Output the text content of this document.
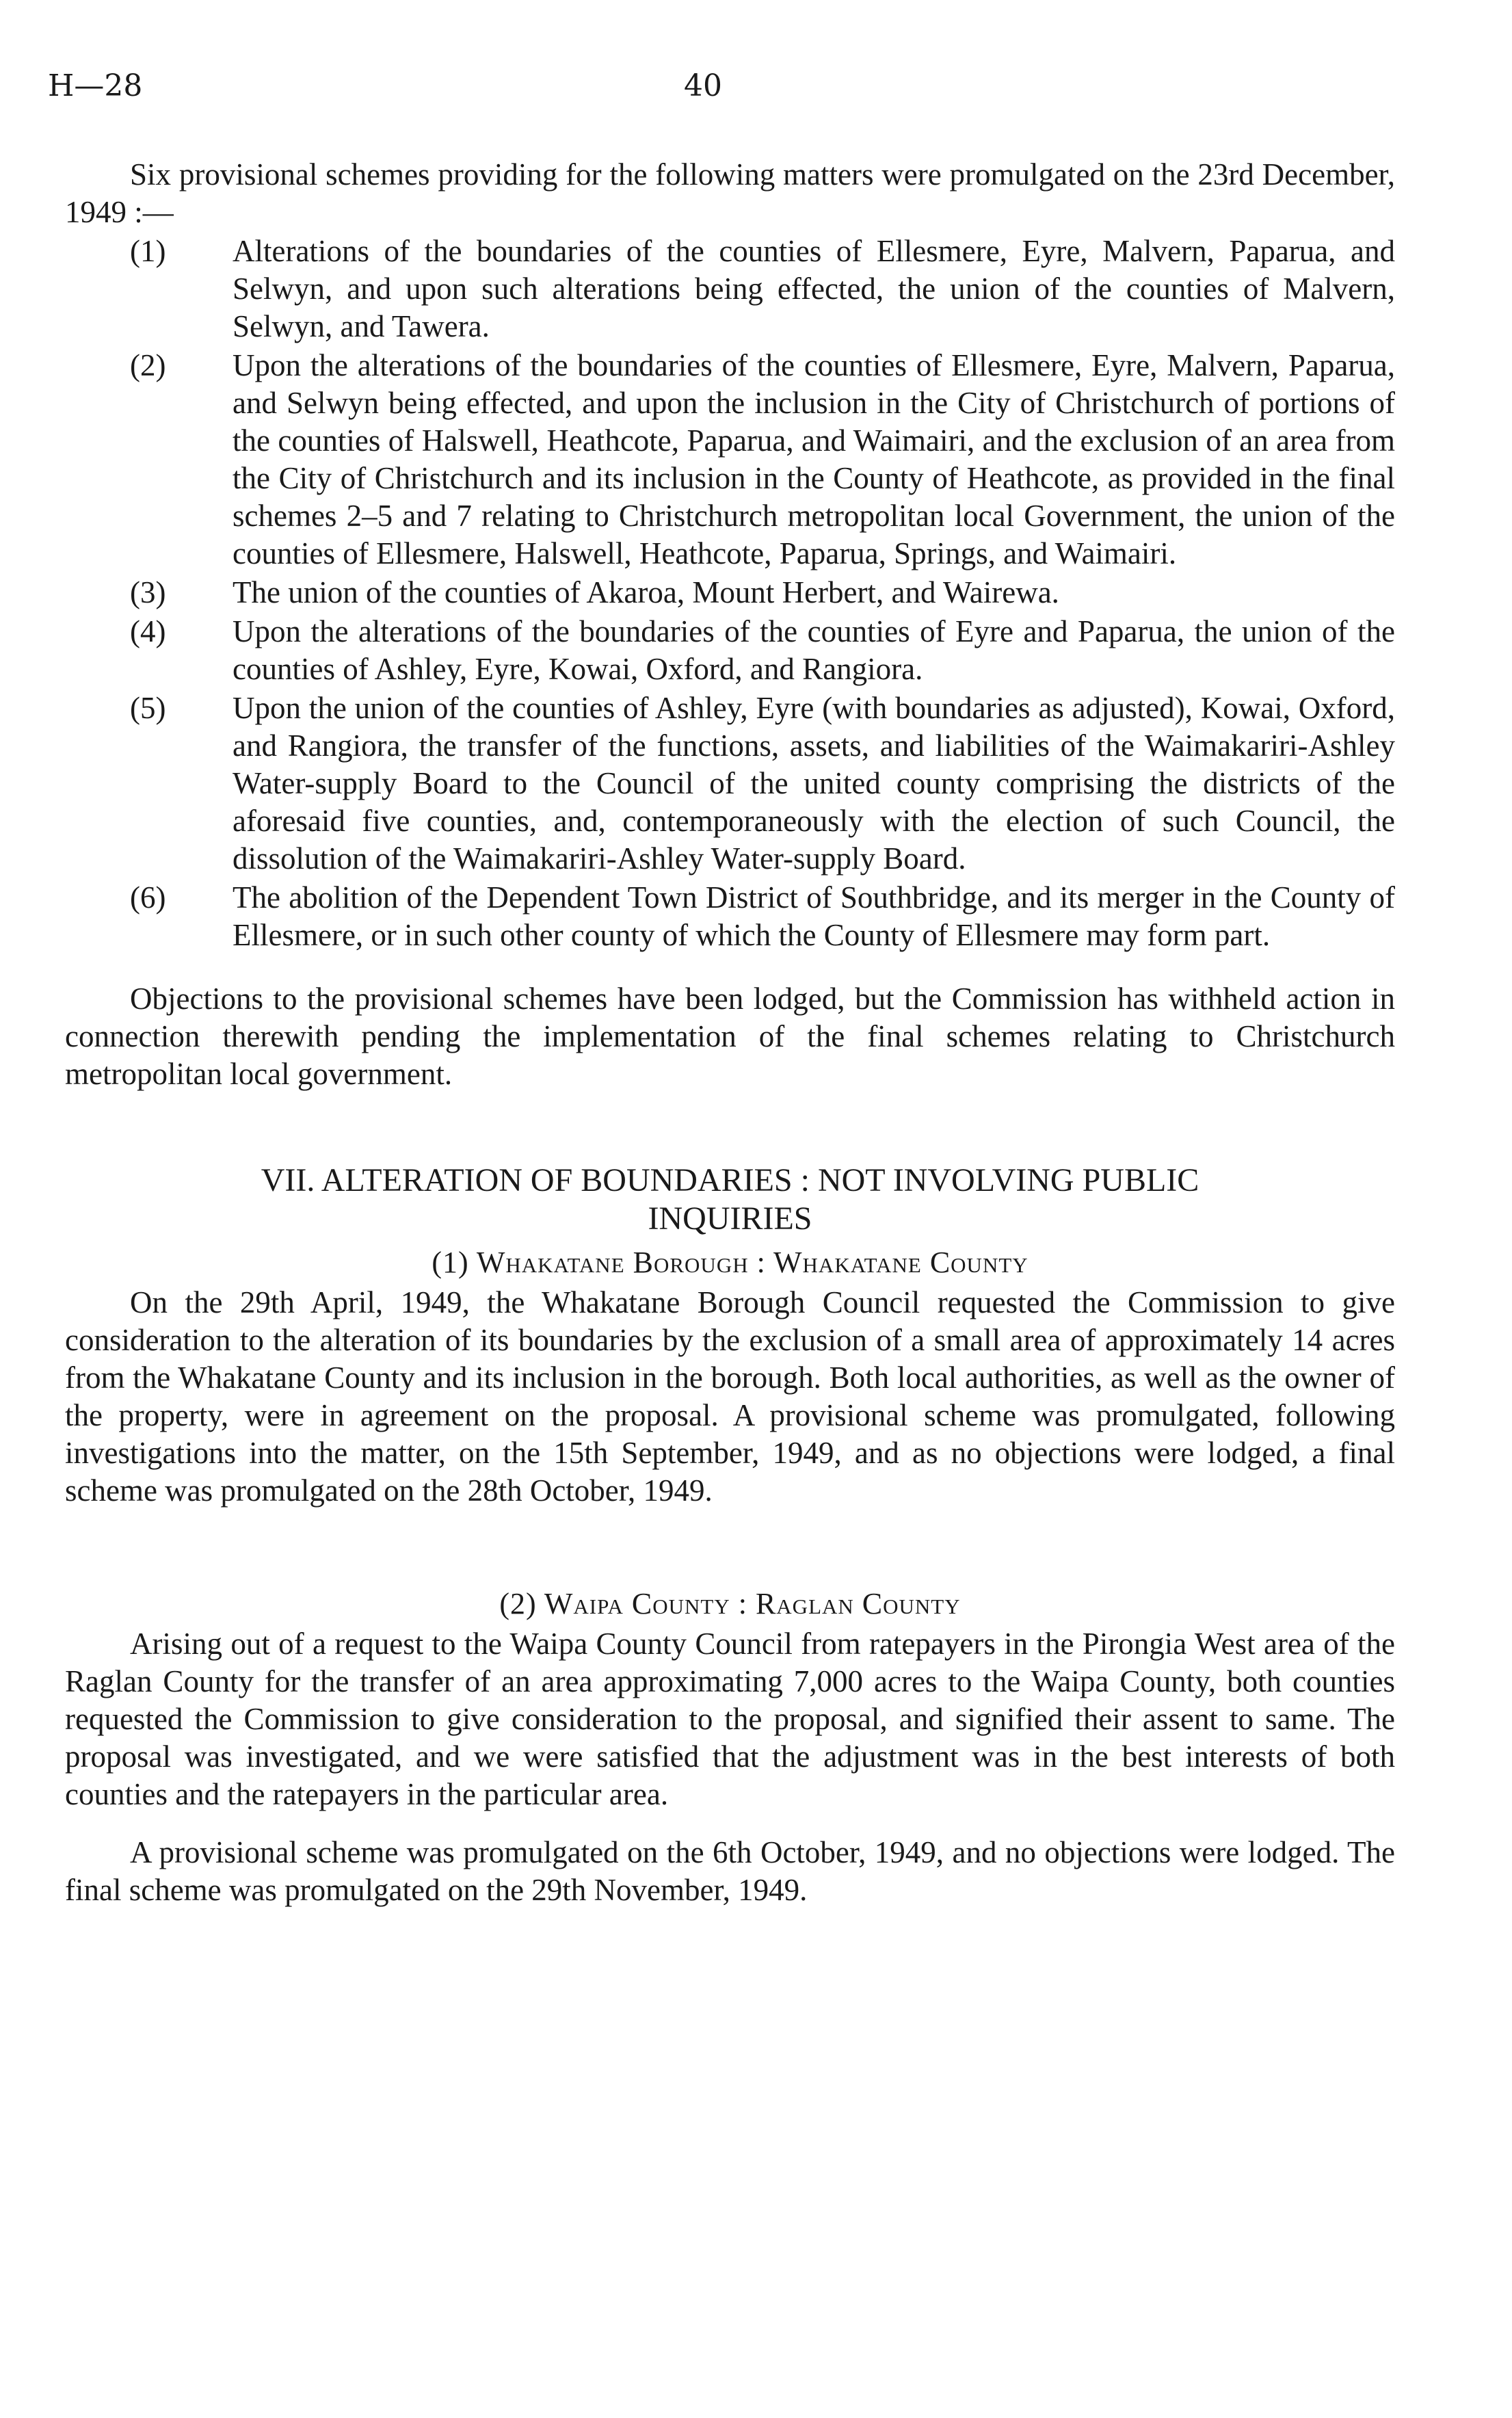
H—28	40

Six provisional schemes providing for the following matters were promulgated on the 23rd December, 1949 :—

(1) Alterations of the boundaries of the counties of Ellesmere, Eyre, Malvern, Paparua, and Selwyn, and upon such alterations being effected, the union of the counties of Malvern, Selwyn, and Tawera.
(2) Upon the alterations of the boundaries of the counties of Ellesmere, Eyre, Malvern, Paparua, and Selwyn being effected, and upon the inclusion in the City of Christchurch of portions of the counties of Halswell, Heathcote, Paparua, and Waimairi, and the exclusion of an area from the City of Christchurch and its inclusion in the County of Heathcote, as provided in the final schemes 2–5 and 7 relating to Christchurch metropolitan local Government, the union of the counties of Ellesmere, Halswell, Heathcote, Paparua, Springs, and Waimairi.
(3) The union of the counties of Akaroa, Mount Herbert, and Wairewa.
(4) Upon the alterations of the boundaries of the counties of Eyre and Paparua, the union of the counties of Ashley, Eyre, Kowai, Oxford, and Rangiora.
(5) Upon the union of the counties of Ashley, Eyre (with boundaries as adjusted), Kowai, Oxford, and Rangiora, the transfer of the functions, assets, and liabilities of the Waimakariri-Ashley Water-supply Board to the Council of the united county comprising the districts of the aforesaid five counties, and, contemporaneously with the election of such Council, the dissolution of the Waimakariri-Ashley Water-supply Board.
(6) The abolition of the Dependent Town District of Southbridge, and its merger in the County of Ellesmere, or in such other county of which the County of Ellesmere may form part.

Objections to the provisional schemes have been lodged, but the Commission has withheld action in connection therewith pending the implementation of the final schemes relating to Christchurch metropolitan local government.

VII. ALTERATION OF BOUNDARIES : NOT INVOLVING PUBLIC INQUIRIES
(1) Whakatane Borough : Whakatane County

On the 29th April, 1949, the Whakatane Borough Council requested the Commission to give consideration to the alteration of its boundaries by the exclusion of a small area of approximately 14 acres from the Whakatane County and its inclusion in the borough. Both local authorities, as well as the owner of the property, were in agreement on the proposal. A provisional scheme was promulgated, following investigations into the matter, on the 15th September, 1949, and as no objections were lodged, a final scheme was promulgated on the 28th October, 1949.

(2) Waipa County : Raglan County

Arising out of a request to the Waipa County Council from ratepayers in the Pirongia West area of the Raglan County for the transfer of an area approximating 7,000 acres to the Waipa County, both counties requested the Commission to give consideration to the proposal, and signified their assent to same. The proposal was investigated, and we were satisfied that the adjustment was in the best interests of both counties and the ratepayers in the particular area.

A provisional scheme was promulgated on the 6th October, 1949, and no objections were lodged. The final scheme was promulgated on the 29th November, 1949.
